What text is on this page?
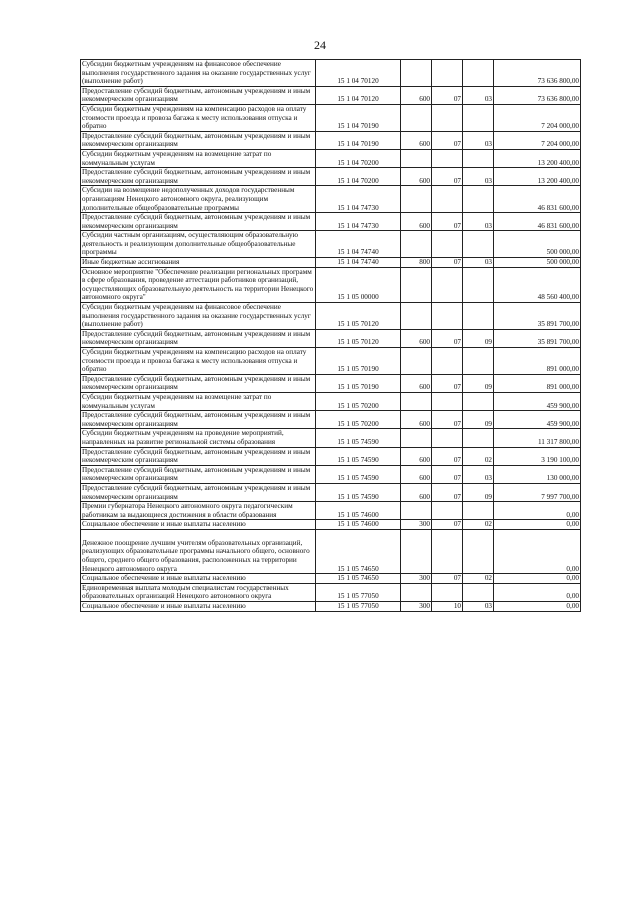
24
Субсидии бюджетным учреждениям на финансовое обеспечение выполнения государственного задания на оказание государственных услуг (выполнение работ)	15 1 04 70120				73 636 800,00
Предоставление субсидий бюджетным, автономным учреждениям и иным некоммерческим организациям	15 1 04 70120	600	07	03	73 636 800,00
Субсидии бюджетным учреждениям на компенсацию расходов на оплату стоимости проезда и провоза багажа к месту использования отпуска и обратно	15 1 04 70190				7 204 000,00
Предоставление субсидий бюджетным, автономным учреждениям и иным некоммерческим организациям	15 1 04 70190	600	07	03	7 204 000,00
Субсидии бюджетным учреждениям на возмещение затрат по коммунальным услугам	15 1 04 70200				13 200 400,00
Предоставление субсидий бюджетным, автономным учреждениям и иным некоммерческим организациям	15 1 04 70200	600	07	03	13 200 400,00
Субсидии на возмещение недополученных доходов государственным организациям Ненецкого автономного округа, реализующим дополнительные общеобразовательные программы	15 1 04 74730				46 831 600,00
Предоставление субсидий бюджетным, автономным учреждениям и иным некоммерческим организациям	15 1 04 74730	600	07	03	46 831 600,00
Субсидии частным организациям, осуществляющим образовательную деятельность и реализующим дополнительные общеобразовательные программы	15 1 04 74740				500 000,00
Иные бюджетные ассигнования	15 1 04 74740	800	07	03	500 000,00
Основное мероприятие "Обеспечение реализации региональных программ в сфере образования, проведение аттестации работников организаций, осуществляющих образовательную деятельность на территории Ненецкого автономного округа"	15 1 05 00000				48 560 400,00
Субсидии бюджетным учреждениям на финансовое обеспечение выполнения государственного задания на оказание государственных услуг (выполнение работ)	15 1 05 70120				35 891 700,00
Предоставление субсидий бюджетным, автономным учреждениям и иным некоммерческим организациям	15 1 05 70120	600	07	09	35 891 700,00
Субсидии бюджетным учреждениям на компенсацию расходов на оплату стоимости проезда и провоза багажа к месту использования отпуска и обратно	15 1 05 70190				891 000,00
Предоставление субсидий бюджетным, автономным учреждениям и иным некоммерческим организациям	15 1 05 70190	600	07	09	891 000,00
Субсидии бюджетным учреждениям на возмещение затрат по коммунальным услугам	15 1 05 70200				459 900,00
Предоставление субсидий бюджетным, автономным учреждениям и иным некоммерческим организациям	15 1 05 70200	600	07	09	459 900,00
Субсидии бюджетным учреждениям на проведение мероприятий, направленных на развитие региональной системы образования	15 1 05 74590				11 317 800,00
Предоставление субсидий бюджетным, автономным учреждениям и иным некоммерческим организациям	15 1 05 74590	600	07	02	3 190 100,00
Предоставление субсидий бюджетным, автономным учреждениям и иным некоммерческим организациям	15 1 05 74590	600	07	03	130 000,00
Предоставление субсидий бюджетным, автономным учреждениям и иным некоммерческим организациям	15 1 05 74590	600	07	09	7 997 700,00
Премии губернатора Ненецкого автономного округа педагогическим работникам за выдающиеся достижения в области образования	15 1 05 74600				0,00
Социальное обеспечение и иные выплаты населению	15 1 05 74600	300	07	02	0,00
Денежное поощрение лучшим учителям образовательных организаций, реализующих образовательные программы начального общего, основного общего, среднего общего образования, расположенных на территории Ненецкого автономного округа	15 1 05 74650				0,00
Социальное обеспечение и иные выплаты населению	15 1 05 74650	300	07	02	0,00
Единовременная выплата молодым специалистам государственных образовательных организаций Ненецкого автономного округа	15 1 05 77050				0,00
Социальное обеспечение и иные выплаты населению	15 1 05 77050	300	10	03	0,00
